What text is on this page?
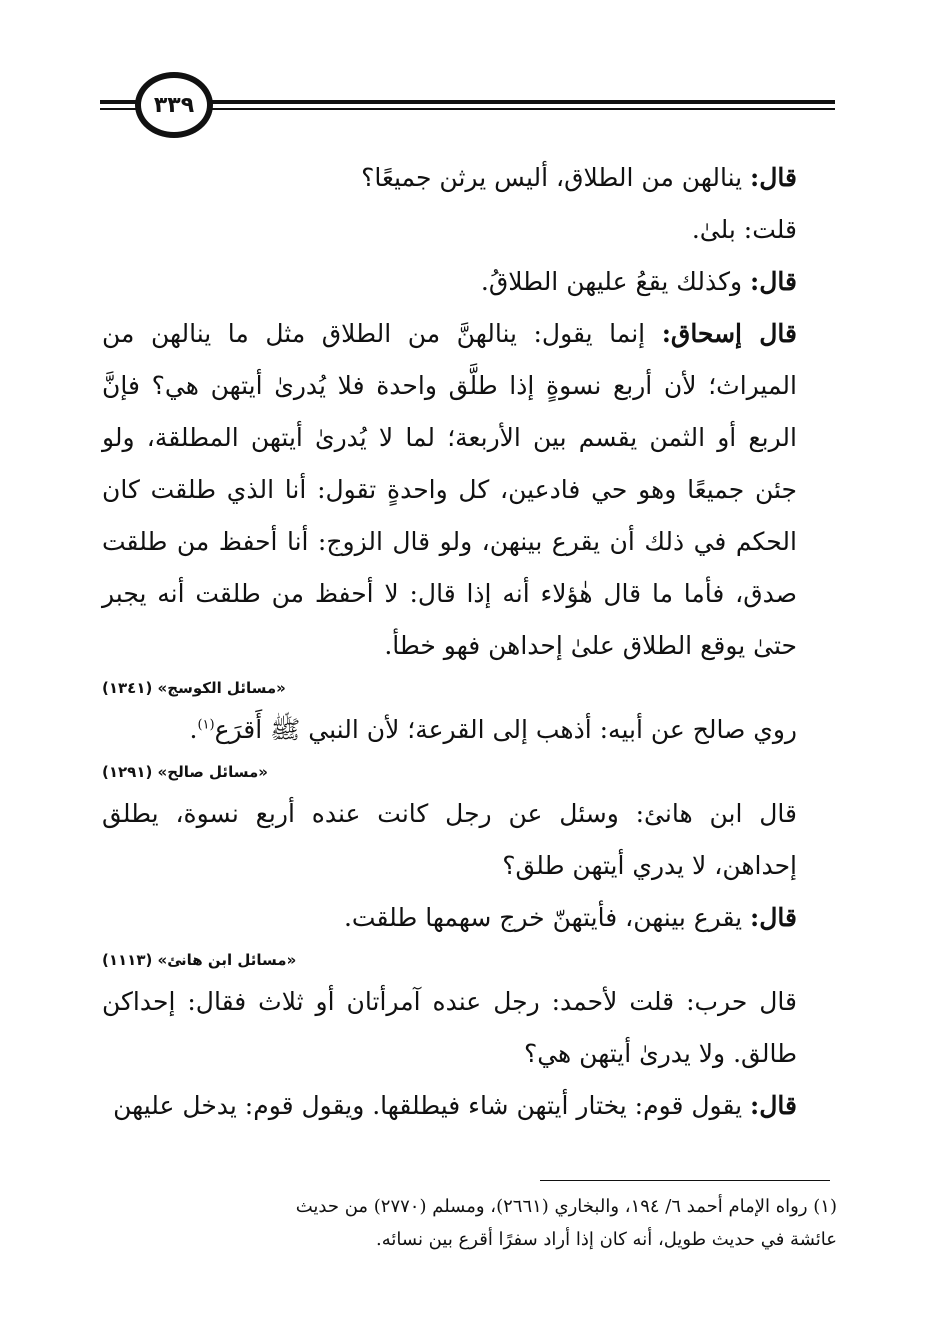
٣٣٩

قال: ينالهن من الطلاق، أليس يرثن جميعًا؟

قلت: بلىٰ.

قال: وكذلك يقعُ عليهن الطلاقُ.

قال إسحاق: إنما يقول: ينالهنَّ من الطلاق مثل ما ينالهن من الميراث؛ لأن أربع نسوةٍ إذا طلَّق واحدة فلا يُدرىٰ أيتهن هي؟ فإنَّ الربع أو الثمن يقسم بين الأربعة؛ لما لا يُدرىٰ أيتهن المطلقة، ولو جئن جميعًا وهو حي فادعين، كل واحدةٍ تقول: أنا الذي طلقت كان الحكم في ذلك أن يقرع بينهن، ولو قال الزوج: أنا أحفظ من طلقت صدق، فأما ما قال هٰؤلاء أنه إذا قال: لا أحفظ من طلقت أنه يجبر حتىٰ يوقع الطلاق علىٰ إحداهن فهو خطأ.

«مسائل الكوسج» (١٣٤١)

روي صالح عن أبيه: أذهب إلى القرعة؛ لأن النبي ﷺ أَقرَع$^{(١)}$.

«مسائل صالح» (١٢٩١)

قال ابن هانئ: وسئل عن رجل كانت عنده أربع نسوة، يطلق إحداهن، لا يدري أيتهن طلق؟

قال: يقرع بينهن، فأيتهنّ خرج سهمها طلقت.

«مسائل ابن هانئ» (١١١٣)

قال حرب: قلت لأحمد: رجل عنده آمرأتان أو ثلاث فقال: إحداكن طالق. ولا يدرىٰ أيتهن هي؟

قال: يقول قوم: يختار أيتهن شاء فيطلقها. ويقول قوم: يدخل عليهن

(١) رواه الإمام أحمد ٦/ ١٩٤، والبخاري (٢٦٦١)، ومسلم (٢٧٧٠) من حديث

عائشة في حديث طويل، أنه كان إذا أراد سفرًا أقرع بين نسائه.
